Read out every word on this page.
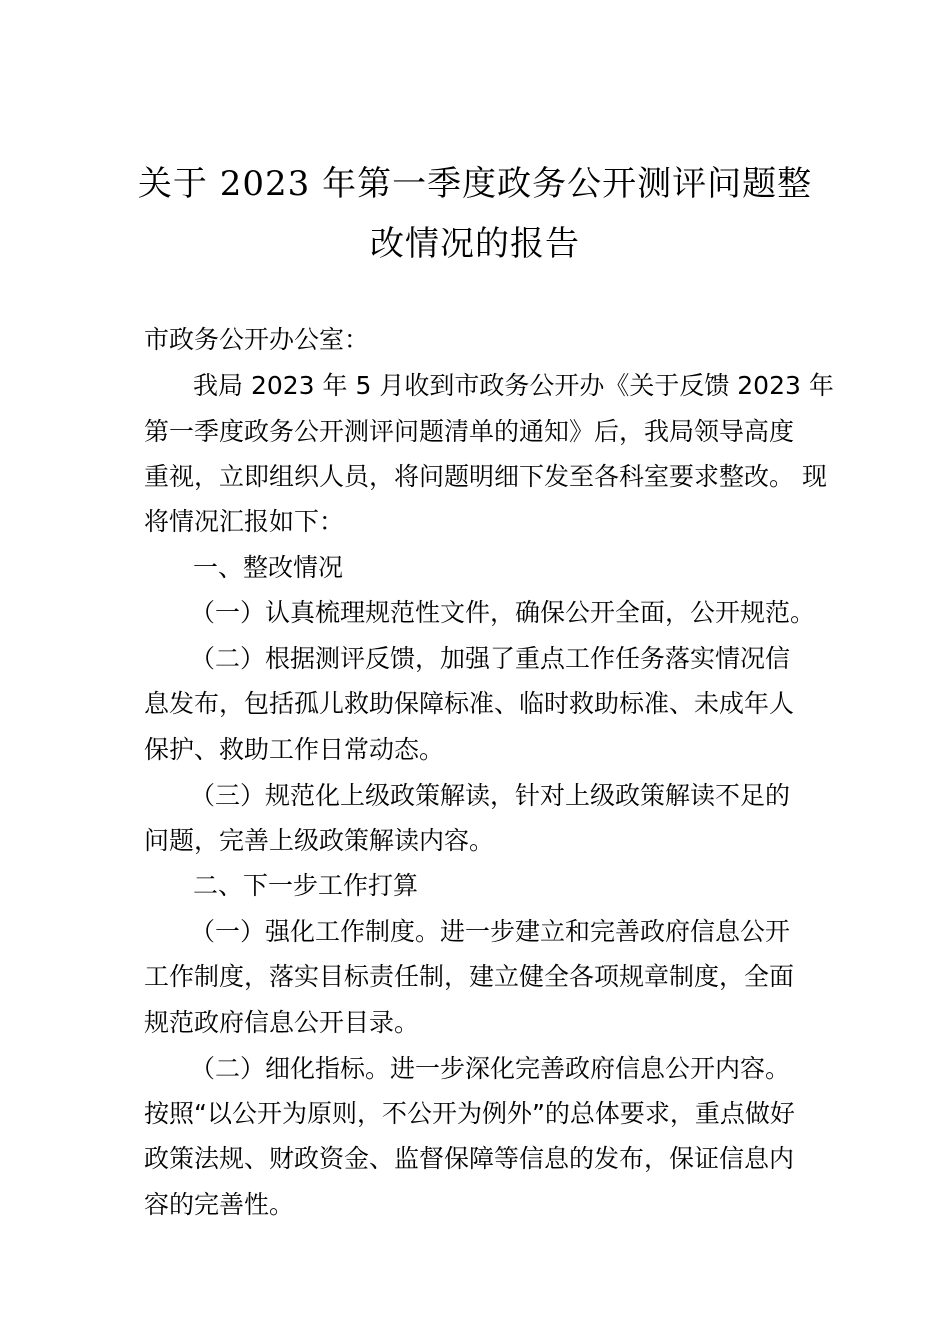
关于 2023 年第一季度政务公开测评问题整
改情况的报告
市政务公开办公室：
我局 2023 年 5 月收到市政务公开办《关于反馈 2023 年
第一季度政务公开测评问题清单的通知》后，我局领导高度
重视，立即组织人员，将问题明细下发至各科室要求整改。 现
将情况汇报如下：
一、整改情况
（一）认真梳理规范性文件，确保公开全面，公开规范。
（二）根据测评反馈，加强了重点工作任务落实情况信
息发布，包括孤儿救助保障标准、临时救助标准、未成年人
保护、救助工作日常动态。
（三）规范化上级政策解读，针对上级政策解读不足的
问题，完善上级政策解读内容。
二、下一步工作打算
（一）强化工作制度。进一步建立和完善政府信息公开
工作制度，落实目标责任制，建立健全各项规章制度，全面
规范政府信息公开目录。
（二）细化指标。进一步深化完善政府信息公开内容。
按照“以公开为原则，不公开为例外”的总体要求，重点做好
政策法规、财政资金、监督保障等信息的发布，保证信息内
容的完善性。
